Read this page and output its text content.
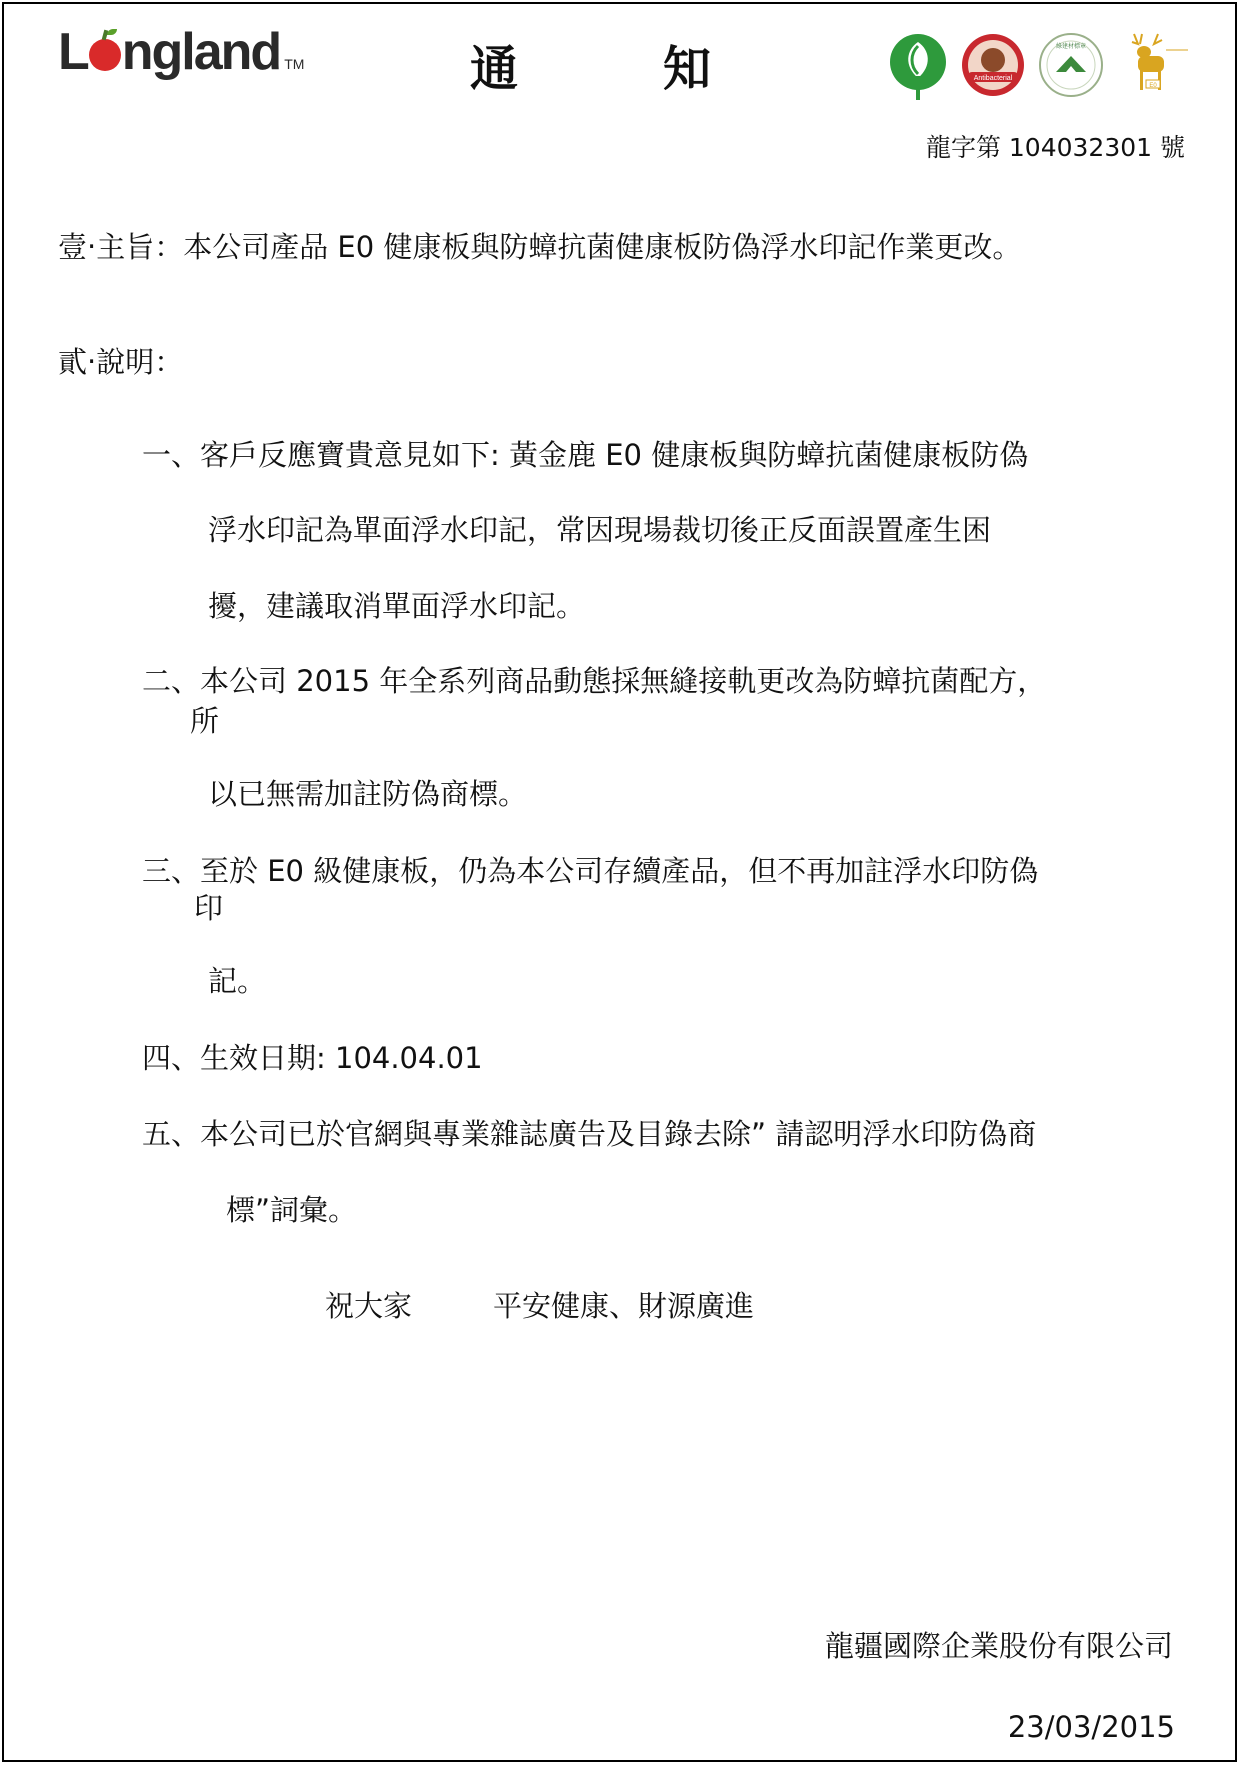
L ngland TM	通	知	Antibacterial
綠建材標章
E0
龍字第 104032301 號
壹‧主旨：本公司產品 E0 健康板與防蟑抗菌健康板防偽浮水印記作業更改。
貳‧說明：
一、客戶反應寶貴意見如下: 黃金鹿 E0 健康板與防蟑抗菌健康板防偽
浮水印記為單面浮水印記，常因現場裁切後正反面誤置產生困
擾，建議取消單面浮水印記。
二、本公司 2015 年全系列商品動態採無縫接軌更改為防蟑抗菌配方，
所
以已無需加註防偽商標。
三、至於 E0 級健康板，仍為本公司存續產品，但不再加註浮水印防偽
印
記。
四、生效日期: 104.04.01
五、本公司已於官網與專業雜誌廣告及目錄去除” 請認明浮水印防偽商
標”詞彙。
祝大家	平安健康、財源廣進
龍疆國際企業股份有限公司
23/03/2015
